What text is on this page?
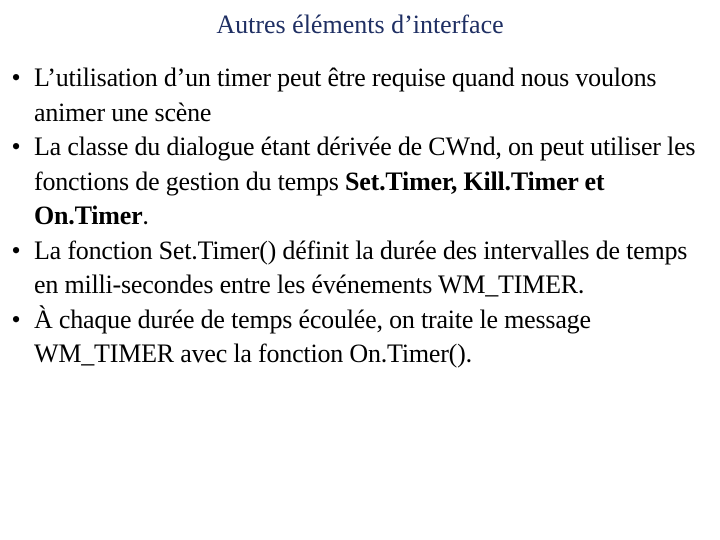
Autres éléments d’interface
• L’utilisation d’un timer peut être requise quand nous voulons animer une scène
• La classe du dialogue étant dérivée de CWnd, on peut utiliser les fonctions de gestion du temps Set.Timer, Kill.Timer et On.Timer.
• La fonction Set.Timer() définit la durée des intervalles de temps en milli-secondes entre les événements WM_TIMER.
• À chaque durée de temps écoulée, on traite le message WM_TIMER avec la fonction On.Timer().
